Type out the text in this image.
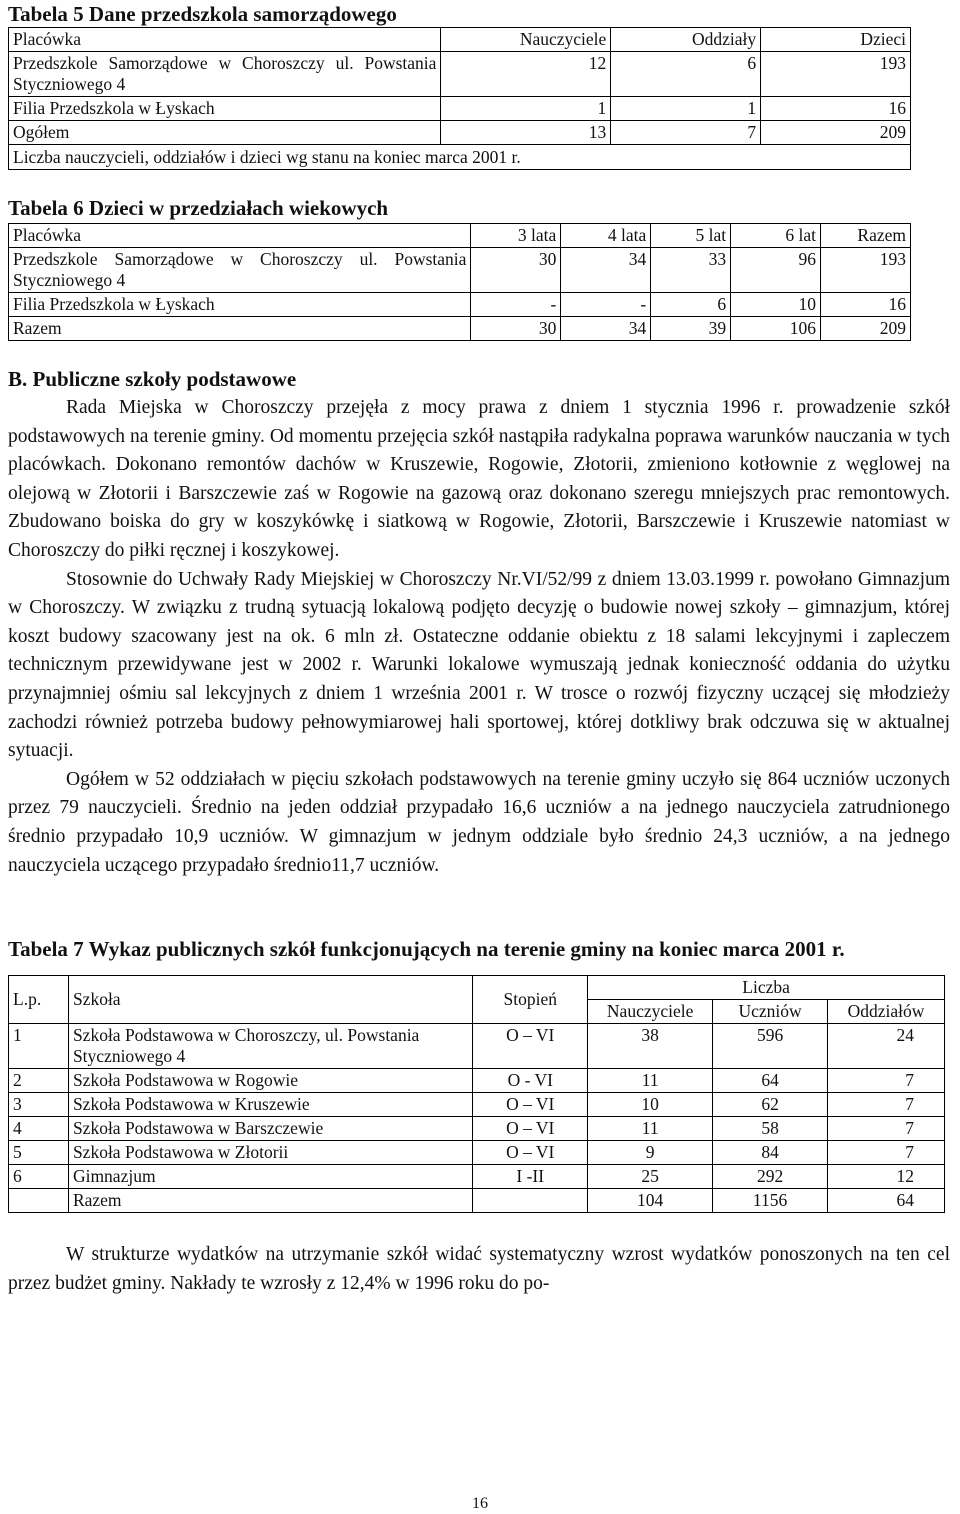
Tabela 5 Dane przedszkola samorządowego
Placówka	Nauczyciele	Oddziały	Dzieci
Przedszkole Samorządowe w Choroszczy ul. Powstania Styczniowego 4	12	6	193
Filia Przedszkola w Łyskach	1	1	16
Ogółem	13	7	209
Liczba nauczycieli, oddziałów i dzieci wg stanu na koniec marca 2001 r.			
Tabela 6 Dzieci w przedziałach wiekowych
Placówka	3 lata	4 lata	5 lat	6 lat	Razem
Przedszkole Samorządowe w Choroszczy ul. Powstania Styczniowego 4	30	34	33	96	193
Filia Przedszkola w Łyskach	-	-	6	10	16
Razem	30	34	39	106	209
B. Publiczne szkoły podstawowe

Rada Miejska w Choroszczy przejęła z mocy prawa z dniem 1 stycznia 1996 r. prowadzenie szkół podstawowych na terenie gminy. Od momentu przejęcia szkół nastąpiła radykalna poprawa warunków nauczania w tych placówkach. Dokonano remontów dachów w Kruszewie, Rogowie, Złotorii, zmieniono kotłownie z węglowej na olejową w Złotorii i Barszczewie zaś w Rogowie na gazową oraz dokonano szeregu mniejszych prac remontowych. Zbudowano boiska do gry w koszykówkę i siatkową w Rogowie, Złotorii, Barszczewie i Kruszewie natomiast w Choroszczy do piłki ręcznej i koszykowej.

Stosownie do Uchwały Rady Miejskiej w Choroszczy Nr.VI/52/99 z dniem 13.03.1999 r. powołano Gimnazjum w Choroszczy. W związku z trudną sytuacją lokalową podjęto decyzję o budowie nowej szkoły – gimnazjum, której koszt budowy szacowany jest na ok. 6 mln zł. Ostateczne oddanie obiektu z 18 salami lekcyjnymi i zapleczem technicznym przewidywane jest w 2002 r. Warunki lokalowe wymuszają jednak konieczność oddania do użytku przynajmniej ośmiu sal lekcyjnych z dniem 1 września 2001 r. W trosce o rozwój fizyczny uczącej się młodzieży zachodzi również potrzeba budowy pełnowymiarowej hali sportowej, której dotkliwy brak odczuwa się w aktualnej sytuacji.

Ogółem w 52 oddziałach w pięciu szkołach podstawowych na terenie gminy uczyło się 864 uczniów uczonych przez 79 nauczycieli. Średnio na jeden oddział przypadało 16,6 uczniów a na jednego nauczyciela zatrudnionego średnio przypadało 10,9 uczniów. W gimnazjum w jednym oddziale było średnio 24,3 uczniów, a na jednego nauczyciela uczącego przypadało średnio11,7 uczniów.

Tabela 7 Wykaz publicznych szkół funkcjonujących na terenie gminy na koniec marca 2001 r.
L.p.	Szkoła	Stopień	Liczba		
			Nauczyciele	Uczniów	Oddziałów
1	Szkoła Podstawowa w Choroszczy, ul. Powstania Styczniowego 4	O – VI	38	596	24
2	Szkoła Podstawowa w Rogowie	O - VI	11	64	7
3	Szkoła Podstawowa w Kruszewie	O – VI	10	62	7
4	Szkoła Podstawowa w Barszczewie	O – VI	11	58	7
5	Szkoła Podstawowa w Złotorii	O – VI	9	84	7
6	Gimnazjum	I -II	25	292	12
	Razem		104	1156	64

W strukturze wydatków na utrzymanie szkół widać systematyczny wzrost wydatków ponoszonych na ten cel przez budżet gminy. Nakłady te wzrosły z 12,4% w 1996 roku do po-

16
